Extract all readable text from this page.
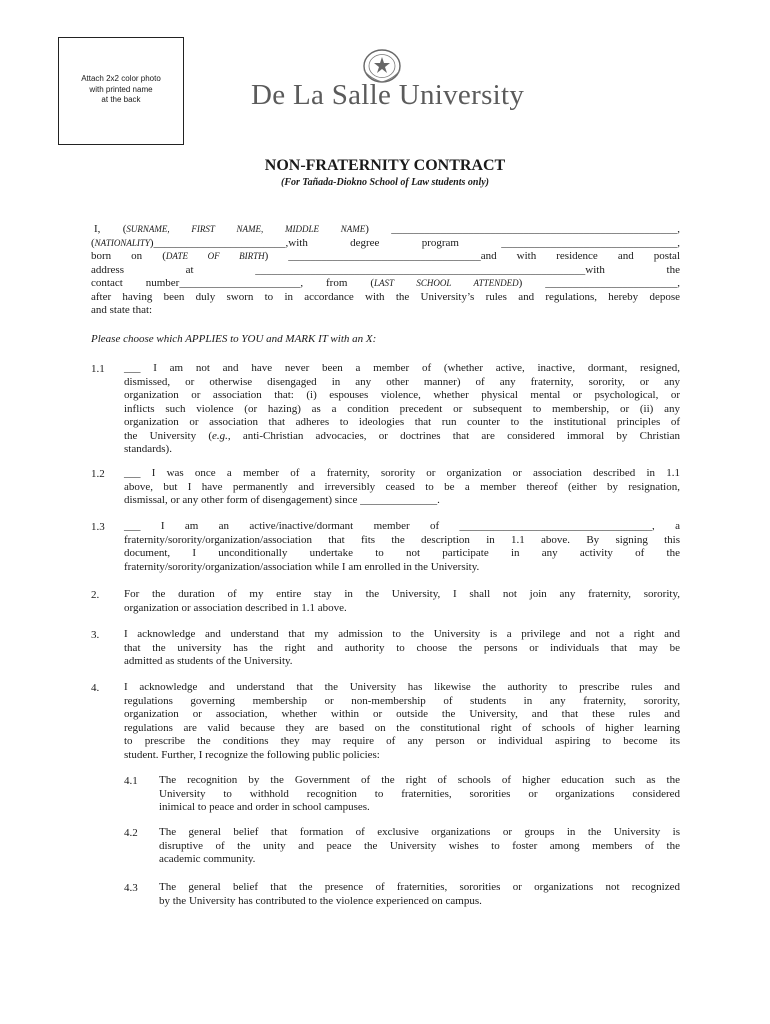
Attach 2x2 color photo
with printed name
at the back	De La Salle University
NON-FRATERNITY CONTRACT
(For Tañada-Diokno School of Law students only)
I, (SURNAME, FIRST NAME, MIDDLE NAME) ____________________________________________________,
(NATIONALITY)________________________,with degree program ________________________________,
born on (DATE OF BIRTH) ___________________________________and with residence and postal
address at ____________________________________________________________with the
contact number______________________, from (LAST SCHOOL ATTENDED) ________________________,
after having been duly sworn to in accordance with the University’s rules and regulations, hereby depose
and state that:
Please choose which APPLIES to YOU and MARK IT with an X:
1.1 ___ I am not and have never been a member of (whether active, inactive, dormant, resigned,
dismissed, or otherwise disengaged in any other manner) of any fraternity, sorority, or any
organization or association that: (i) espouses violence, whether physical mental or psychological, or
inflicts such violence (or hazing) as a condition precedent or subsequent to membership, or (ii) any
organization or association that adheres to ideologies that run counter to the institutional principles of
the University (e.g., anti-Christian advocacies, or doctrines that are considered immoral by Christian
standards).
1.2 ___ I was once a member of a fraternity, sorority or organization or association described in 1.1
above, but I have permanently and irreversibly ceased to be a member thereof (either by resignation,
dismissal, or any other form of disengagement) since ______________.
1.3 ___ I am an active/inactive/dormant member of ___________________________________, a
fraternity/sorority/organization/association that fits the description in 1.1 above. By signing this
document, I unconditionally undertake to not participate in any activity of the
fraternity/sorority/organization/association while I am enrolled in the University.
2. For the duration of my entire stay in the University, I shall not join any fraternity, sorority,
organization or association described in 1.1 above.
3. I acknowledge and understand that my admission to the University is a privilege and not a right and
that the university has the right and authority to choose the persons or individuals that may be
admitted as students of the University.
4. I acknowledge and understand that the University has likewise the authority to prescribe rules and
regulations governing membership or non-membership of students in any fraternity, sorority,
organization or association, whether within or outside the University, and that these rules and
regulations are valid because they are based on the constitutional right of schools of higher learning
to prescribe the conditions they may require of any person or individual aspiring to become its
student. Further, I recognize the following public policies:
4.1 The recognition by the Government of the right of schools of higher education such as the
University to withhold recognition to fraternities, sororities or organizations considered
inimical to peace and order in school campuses.
4.2 The general belief that formation of exclusive organizations or groups in the University is
disruptive of the unity and peace the University wishes to foster among members of the
academic community.
4.3 The general belief that the presence of fraternities, sororities or organizations not recognized
by the University has contributed to the violence experienced on campus.
